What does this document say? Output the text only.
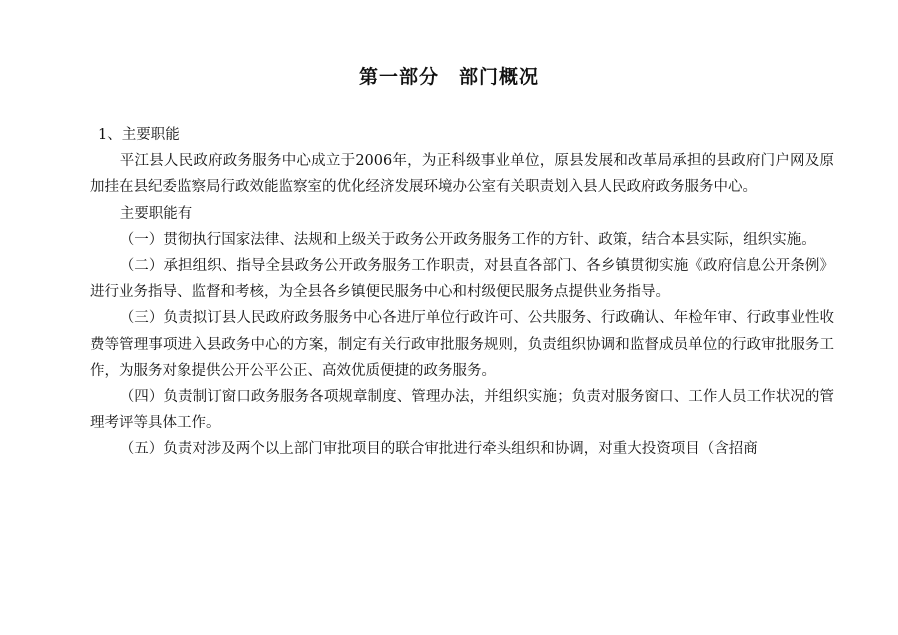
第一部分　部门概况

1、主要职能

平江县人民政府政务服务中心成立于2006年，为正科级事业单位，原县发展和改革局承担的县政府门户网及原加挂在县纪委监察局行政效能监察室的优化经济发展环境办公室有关职责划入县人民政府政务服务中心。

主要职能有

（一）贯彻执行国家法律、法规和上级关于政务公开政务服务工作的方针、政策，结合本县实际，组织实施。

（二）承担组织、指导全县政务公开政务服务工作职责，对县直各部门、各乡镇贯彻实施《政府信息公开条例》进行业务指导、监督和考核，为全县各乡镇便民服务中心和村级便民服务点提供业务指导。

（三）负责拟订县人民政府政务服务中心各进厅单位行政许可、公共服务、行政确认、年检年审、行政事业性收费等管理事项进入县政务中心的方案，制定有关行政审批服务规则，负责组织协调和监督成员单位的行政审批服务工作，为服务对象提供公开公平公正、高效优质便捷的政务服务。

（四）负责制订窗口政务服务各项规章制度、管理办法，并组织实施；负责对服务窗口、工作人员工作状况的管理考评等具体工作。

（五）负责对涉及两个以上部门审批项目的联合审批进行牵头组织和协调，对重大投资项目（含招商
